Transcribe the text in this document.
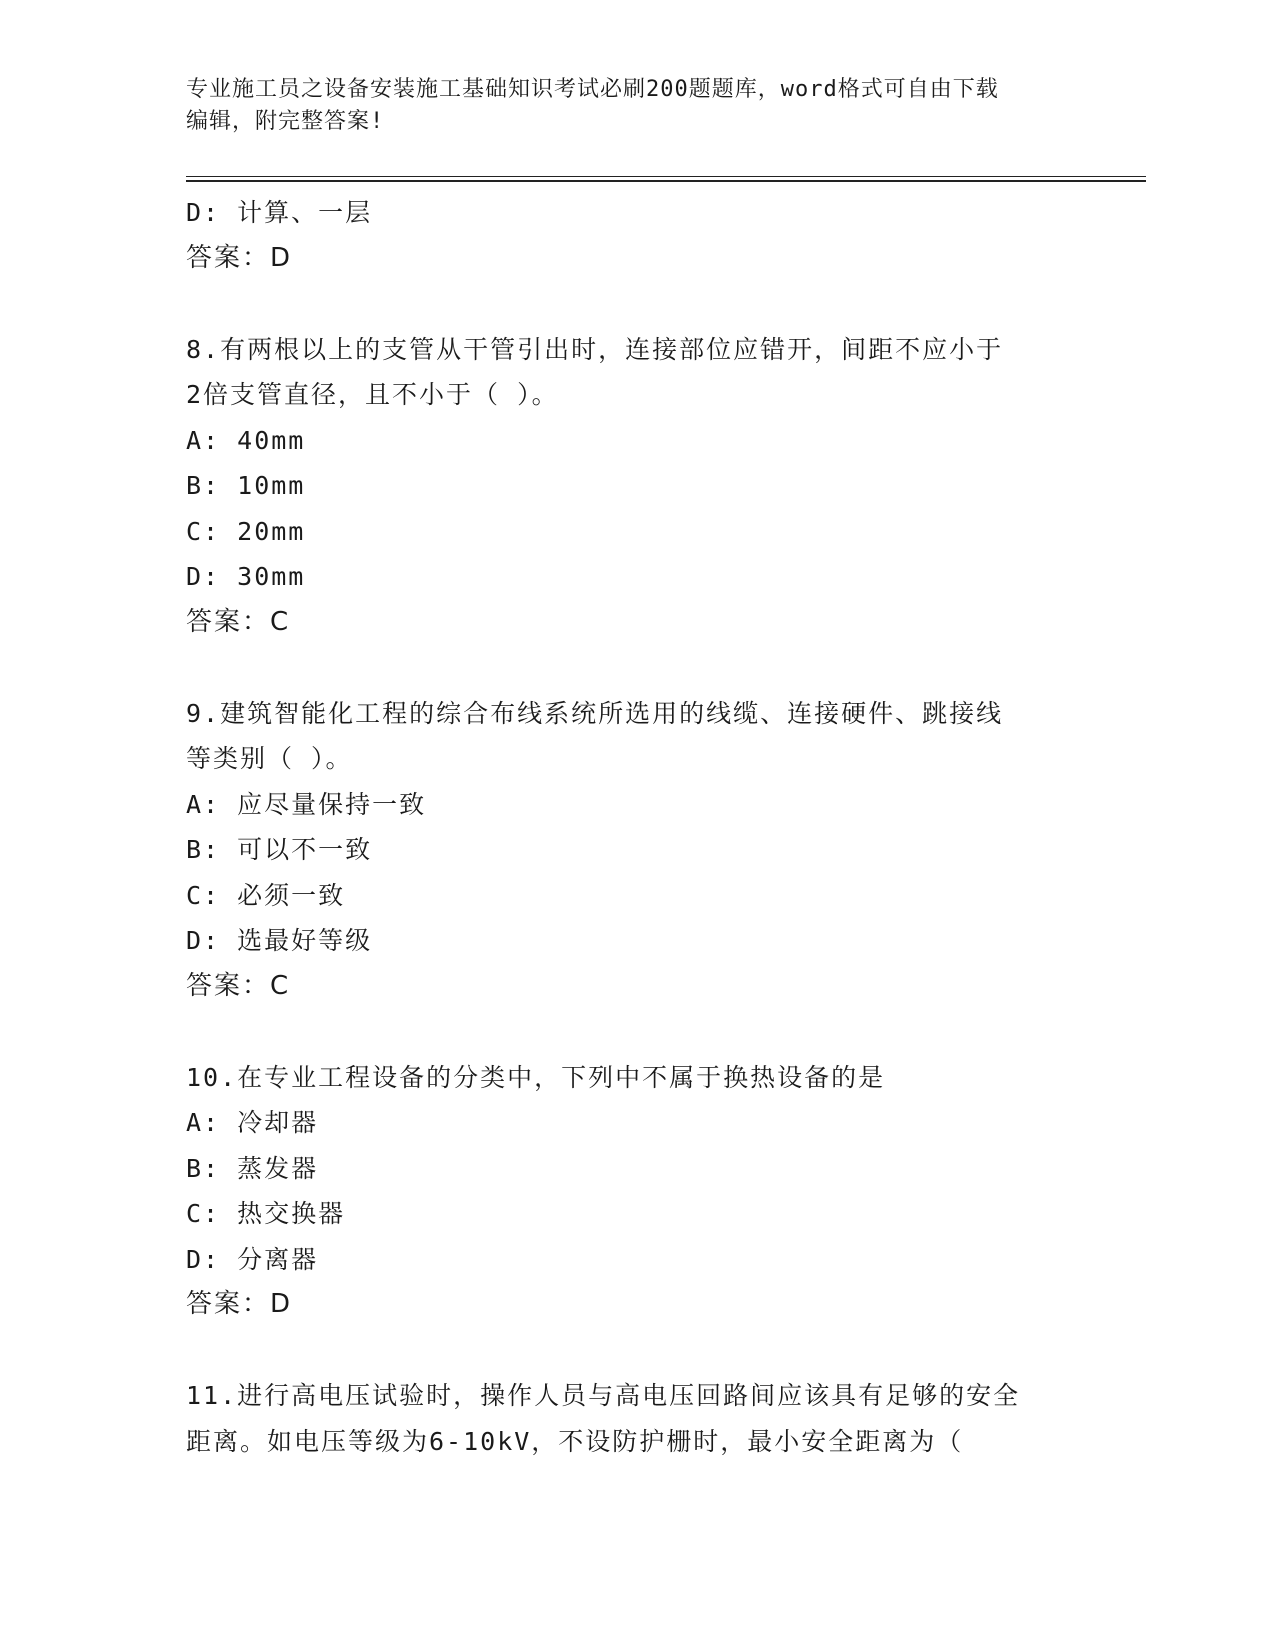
专业施工员之设备安装施工基础知识考试必刷200题题库，word格式可自由下载
编辑，附完整答案!
D: 计算、一层
答案：D
8.有两根以上的支管从干管引出时，连接部位应错开，间距不应小于
2倍支管直径，且不小于（ ）。
A: 40mm
B: 10mm
C: 20mm
D: 30mm
答案：C
9.建筑智能化工程的综合布线系统所选用的线缆、连接硬件、跳接线
等类别（ ）。
A: 应尽量保持一致
B: 可以不一致
C: 必须一致
D: 选最好等级
答案：C
10.在专业工程设备的分类中，下列中不属于换热设备的是
A: 冷却器
B: 蒸发器
C: 热交换器
D: 分离器
答案：D
11.进行高电压试验时，操作人员与高电压回路间应该具有足够的安全
距离。如电压等级为6-10kV，不设防护栅时，最小安全距离为（
